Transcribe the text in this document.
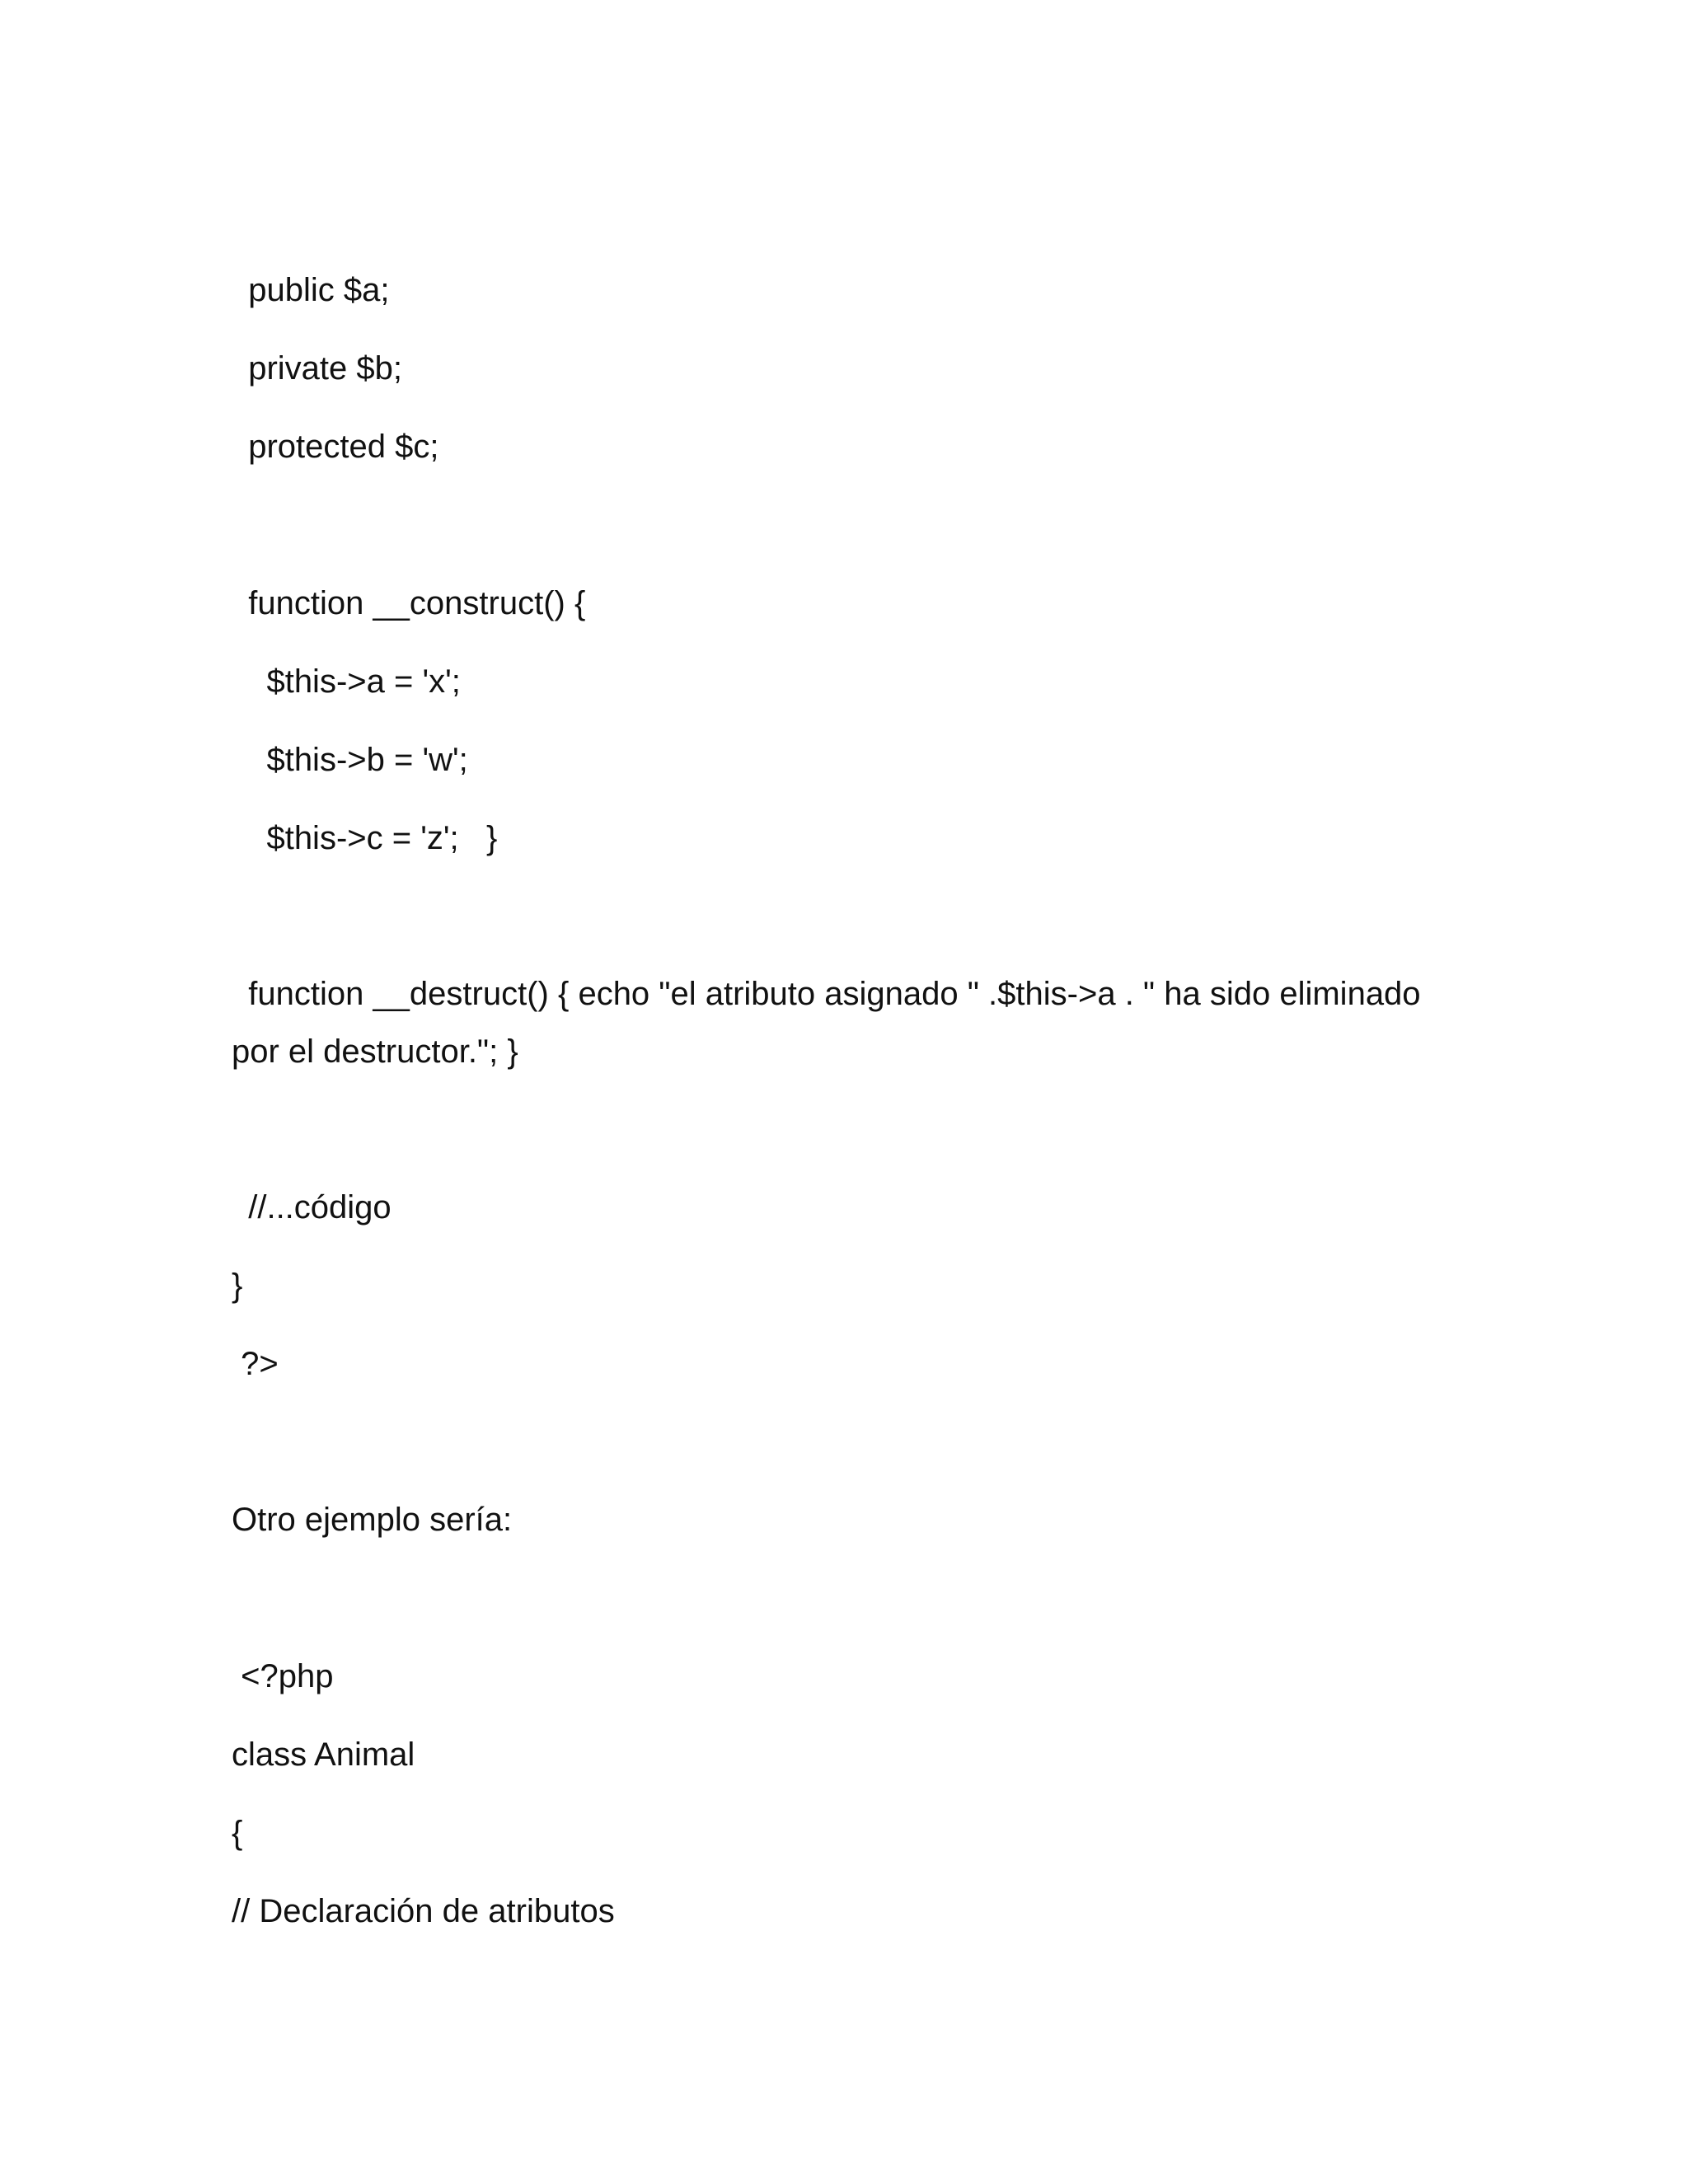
public $a;
private $b;
protected $c;
function __construct() {
$this->a = 'x';
$this->b = 'w';
$this->c = 'z';   }
function __destruct() { echo "el atributo asignado " .$this->a . " ha sido eliminado
por el destructor."; }
//...código
}
?>
Otro ejemplo sería:
<?php
class Animal
{
// Declaración de atributos
